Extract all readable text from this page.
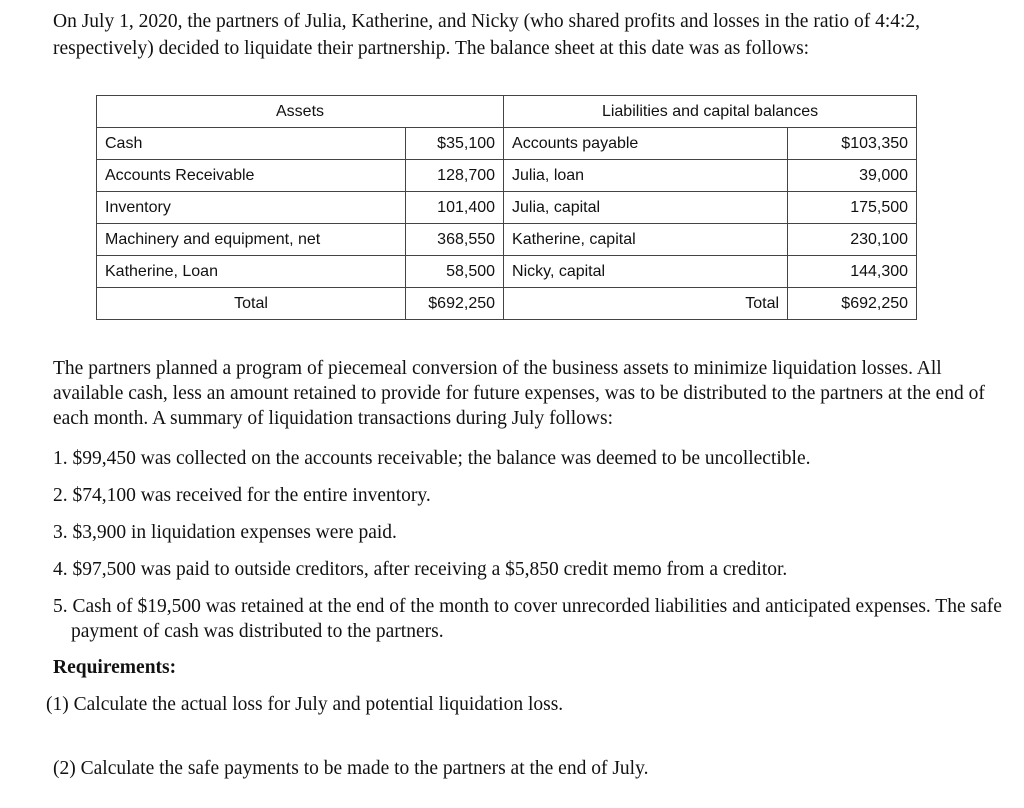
On July 1, 2020, the partners of Julia, Katherine, and Nicky (who shared profits and losses in the ratio of 4:4:2, respectively) decided to liquidate their partnership. The balance sheet at this date was as follows:

Assets		Liabilities and capital balances	
Cash	$35,100	Accounts payable	$103,350
Accounts Receivable	128,700	Julia, loan	39,000
Inventory	101,400	Julia, capital	175,500
Machinery and equipment, net	368,550	Katherine, capital	230,100
Katherine, Loan	58,500	Nicky, capital	144,300
Total	$692,250	Total	$692,250

The partners planned a program of piecemeal conversion of the business assets to minimize liquidation losses. All available cash, less an amount retained to provide for future expenses, was to be distributed to the partners at the end of each month. A summary of liquidation transactions during July follows:

1. $99,450 was collected on the accounts receivable; the balance was deemed to be uncollectible.
2. $74,100 was received for the entire inventory.
3. $3,900 in liquidation expenses were paid.
4. $97,500 was paid to outside creditors, after receiving a $5,850 credit memo from a creditor.
5. Cash of $19,500 was retained at the end of the month to cover unrecorded liabilities and anticipated expenses. The safe payment of cash was distributed to the partners.

Requirements:

(1) Calculate the actual loss for July and potential liquidation loss.

(2) Calculate the safe payments to be made to the partners at the end of July.
